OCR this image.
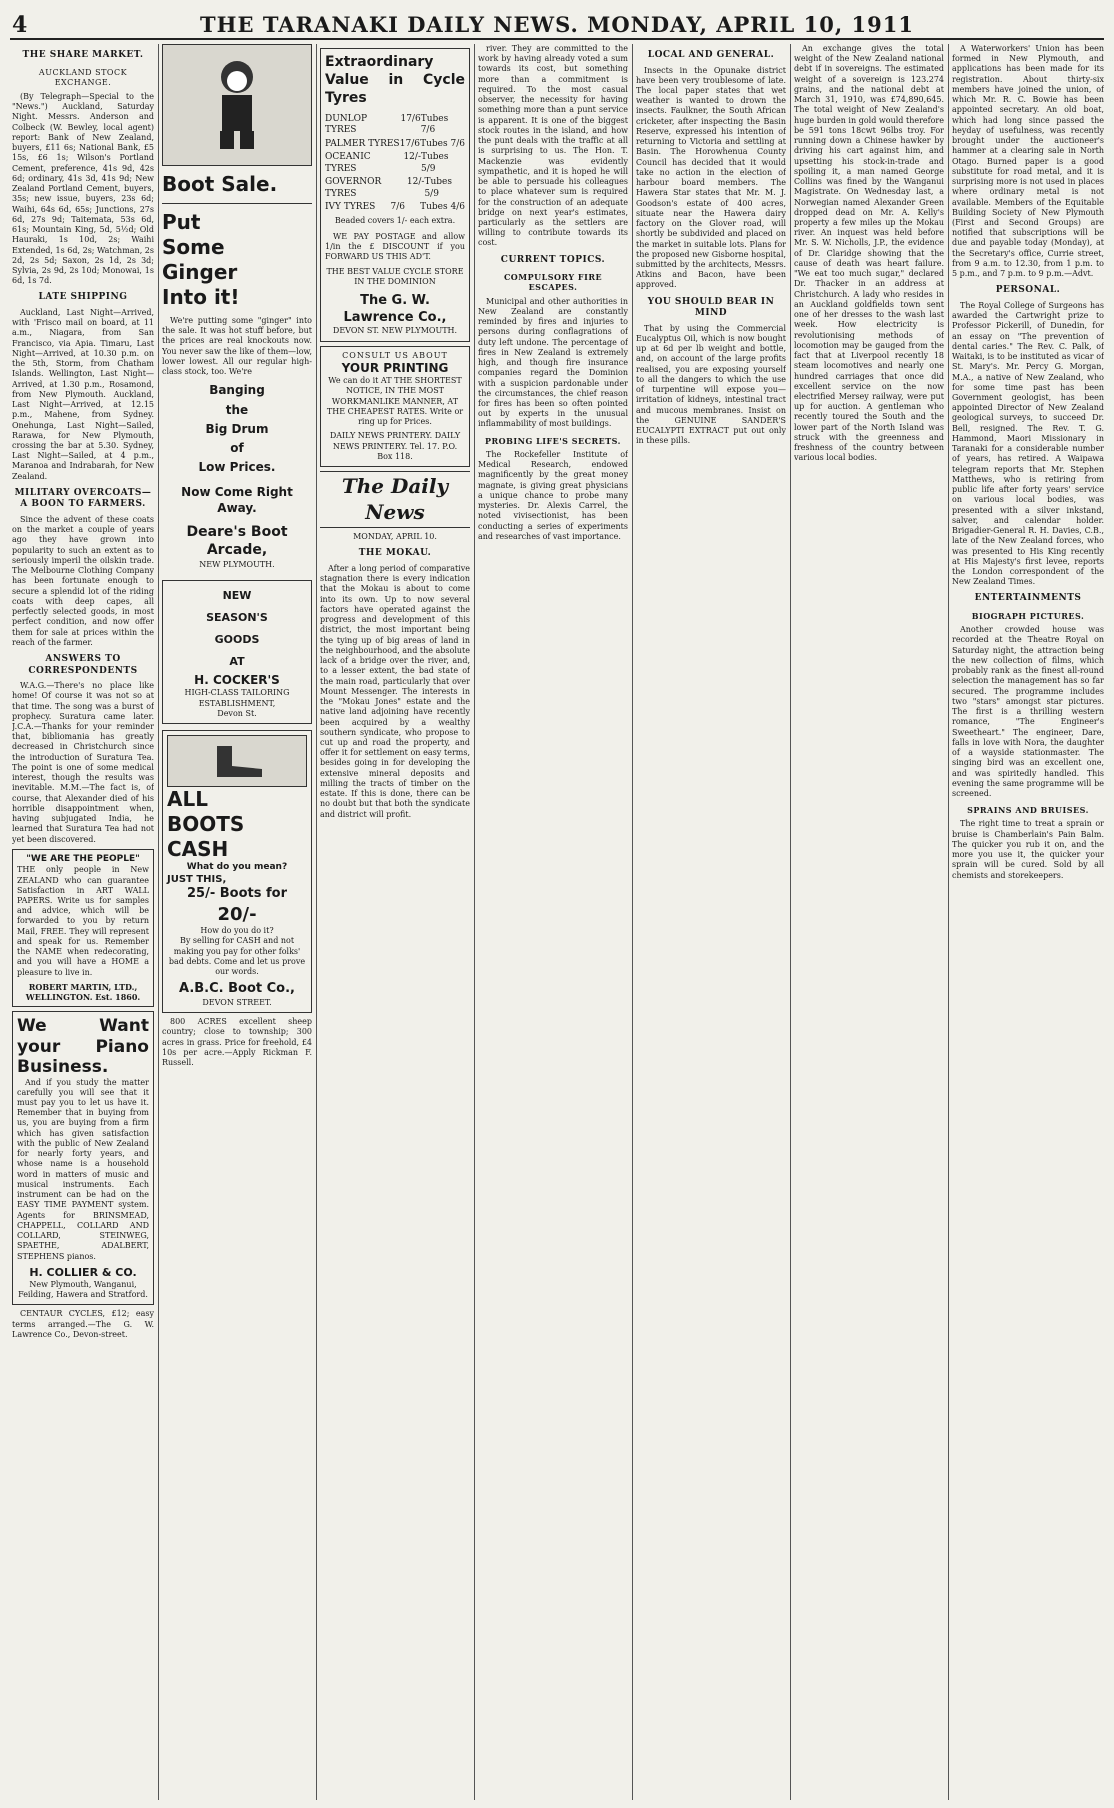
4	THE TARANAKI DAILY NEWS. MONDAY, APRIL 10, 1911
THE SHARE MARKET.
AUCKLAND STOCK EXCHANGE.

(By Telegraph—Special to the "News.") Auckland, Saturday Night. Messrs. Anderson and Colbeck (W. Bewley, local agent) report: Bank of New Zealand, buyers, £11 6s; National Bank, £5 15s, £6 1s; Wilson's Portland Cement, preference, 41s 9d, 42s 6d; ordinary, 41s 3d, 41s 9d; New Zealand Portland Cement, buyers, 35s; new issue, buyers, 23s 6d; Waihi, 64s 6d, 65s; Junctions, 27s 6d, 27s 9d; Taitemata, 53s 6d, 61s; Mountain King, 5d, 5½d; Old Hauraki, 1s 10d, 2s; Waihi Extended, 1s 6d, 2s; Watchman, 2s 2d, 2s 5d; Saxon, 2s 1d, 2s 3d; Sylvia, 2s 9d, 2s 10d; Monowai, 1s 6d, 1s 7d.

LATE SHIPPING

Auckland, Last Night—Arrived, with 'Frisco mail on board, at 11 a.m., Niagara, from San Francisco, via Apia. Timaru, Last Night—Arrived, at 10.30 p.m. on the 5th, Storm, from Chatham Islands. Wellington, Last Night—Arrived, at 1.30 p.m., Rosamond, from New Plymouth. Auckland, Last Night—Arrived, at 12.15 p.m., Mahene, from Sydney. Onehunga, Last Night—Sailed, Rarawa, for New Plymouth, crossing the bar at 5.30. Sydney, Last Night—Sailed, at 4 p.m., Maranoa and Indrabarah, for New Zealand.

MILITARY OVERCOATS—A BOON TO FARMERS.

Since the advent of these coats on the market a couple of years ago they have grown into popularity to such an extent as to seriously imperil the oilskin trade. The Melbourne Clothing Company has been fortunate enough to secure a splendid lot of the riding coats with deep capes, all perfectly selected goods, in most perfect condition, and now offer them for sale at prices within the reach of the farmer.

ANSWERS TO CORRESPONDENTS

W.A.G.—There's no place like home! Of course it was not so at that time. The song was a burst of prophecy. Suratura came later. J.C.A.—Thanks for your reminder that, bibliomania has greatly decreased in Christchurch since the introduction of Suratura Tea. The point is one of some medical interest, though the results was inevitable. M.M.—The fact is, of course, that Alexander died of his horrible disappointment when, having subjugated India, he learned that Suratura Tea had not yet been discovered.

"WE ARE THE PEOPLE"

THE only people in New ZEALAND who can guarantee Satisfaction in ART WALL PAPERS. Write us for samples and advice, which will be forwarded to you by return Mail, FREE. They will represent and speak for us. Remember the NAME when redecorating, and you will have a HOME a pleasure to live in.

ROBERT MARTIN, LTD., WELLINGTON. Est. 1860.
We Want your Piano Business.

And if you study the matter carefully you will see that it must pay you to let us have it. Remember that in buying from us, you are buying from a firm which has given satisfaction with the public of New Zealand for nearly forty years, and whose name is a household word in matters of music and musical instruments. Each instrument can be had on the EASY TIME PAYMENT system. Agents for BRINSMEAD, CHAPPELL, COLLARD AND COLLARD, STEINWEG, SPAETHE, ADALBERT, STEPHENS pianos.

H. COLLIER & CO.
New Plymouth, Wanganui, Feilding, Hawera and Stratford.

CENTAUR CYCLES, £12; easy terms arranged.—The G. W. Lawrence Co., Devon-street.

Boot Sale.
Put
Some
Ginger
Into it!

We're putting some "ginger" into the sale. It was hot stuff before, but the prices are real knockouts now. You never saw the like of them—low, lower lowest. All our regular high-class stock, too. We're

Banging
the
Big Drum
of
Low Prices.
Now Come Right Away.
Deare's Boot Arcade,
NEW PLYMOUTH.
NEW
SEASON'S
GOODS
AT
H. COCKER'S
HIGH-CLASS TAILORING ESTABLISHMENT,
Devon St.
ALL
BOOTS
CASH
What do you mean?
JUST THIS,
25/- Boots for
20/-
How do you do it?

By selling for CASH and not making you pay for other folks' bad debts. Come and let us prove our words.

A.B.C. Boot Co.,
DEVON STREET.

800 ACRES excellent sheep country; close to township; 300 acres in grass. Price for freehold, £4 10s per acre.—Apply Rickman F. Russell.

Extraordinary Value in Cycle Tyres
DUNLOP TYRES
17/6 Tubes 7/6
PALMER TYRES 17/6 Tubes 7/6
OCEANIC TYRES
12/- Tubes 5/9
GOVERNOR TYRES
12/- Tubes 5/9
IVY TYRES 7/6 Tubes 4/6
Beaded covers 1/- each extra.

WE PAY POSTAGE and allow 1/in the £ DISCOUNT if you FORWARD US THIS AD'T.

THE BEST VALUE CYCLE STORE IN THE DOMINION
The G. W. Lawrence Co.,
DEVON ST. NEW PLYMOUTH.
CONSULT US ABOUT
YOUR PRINTING

We can do it AT THE SHORTEST NOTICE, IN THE MOST WORKMANLIKE MANNER, AT THE CHEAPEST RATES. Write or ring up for Prices.

DAILY NEWS PRINTERY. DAILY NEWS PRINTERY. Tel. 17. P.O. Box 118.
The Daily News
MONDAY, APRIL 10.
THE MOKAU.

After a long period of comparative stagnation there is every indication that the Mokau is about to come into its own. Up to now several factors have operated against the progress and development of this district, the most important being the tying up of big areas of land in the neighbourhood, and the absolute lack of a bridge over the river, and, to a lesser extent, the bad state of the main road, particularly that over Mount Messenger. The interests in the "Mokau Jones" estate and the native land adjoining have recently been acquired by a wealthy southern syndicate, who propose to cut up and road the property, and offer it for settlement on easy terms, besides going in for developing the extensive mineral deposits and milling the tracts of timber on the estate. If this is done, there can be no doubt but that both the syndicate and district will profit.

river. They are committed to the work by having already voted a sum towards its cost, but something more than a commitment is required. To the most casual observer, the necessity for having something more than a punt service is apparent. It is one of the biggest stock routes in the island, and how the punt deals with the traffic at all is surprising to us. The Hon. T. Mackenzie was evidently sympathetic, and it is hoped he will be able to persuade his colleagues to place whatever sum is required for the construction of an adequate bridge on next year's estimates, particularly as the settlers are willing to contribute towards its cost.

CURRENT TOPICS.
COMPULSORY FIRE ESCAPES.

Municipal and other authorities in New Zealand are constantly reminded by fires and injuries to persons during conflagrations of duty left undone. The percentage of fires in New Zealand is extremely high, and though fire insurance companies regard the Dominion with a suspicion pardonable under the circumstances, the chief reason for fires has been so often pointed out by experts in the unusual inflammability of most buildings.

PROBING LIFE'S SECRETS.

The Rockefeller Institute of Medical Research, endowed magnificently by the great money magnate, is giving great physicians a unique chance to probe many mysteries. Dr. Alexis Carrel, the noted vivisectionist, has been conducting a series of experiments and researches of vast importance.

LOCAL AND GENERAL.

Insects in the Opunake district have been very troublesome of late. The local paper states that wet weather is wanted to drown the insects. Faulkner, the South African cricketer, after inspecting the Basin Reserve, expressed his intention of returning to Victoria and settling at Basin. The Horowhenua County Council has decided that it would take no action in the election of harbour board members. The Hawera Star states that Mr. M. J. Goodson's estate of 400 acres, situate near the Hawera dairy factory on the Glover road, will shortly be subdivided and placed on the market in suitable lots. Plans for the proposed new Gisborne hospital, submitted by the architects, Messrs. Atkins and Bacon, have been approved.

YOU SHOULD BEAR IN MIND

That by using the Commercial Eucalyptus Oil, which is now bought up at 6d per lb weight and bottle, and, on account of the large profits realised, you are exposing yourself to all the dangers to which the use of turpentine will expose you—irritation of kidneys, intestinal tract and mucous membranes. Insist on the GENUINE SANDER'S EUCALYPTI EXTRACT put out only in these pills.

An exchange gives the total weight of the New Zealand national debt if in sovereigns. The estimated weight of a sovereign is 123.274 grains, and the national debt at March 31, 1910, was £74,890,645. The total weight of New Zealand's huge burden in gold would therefore be 591 tons 18cwt 96lbs troy. For running down a Chinese hawker by driving his cart against him, and upsetting his stock-in-trade and spoiling it, a man named George Collins was fined by the Wanganui Magistrate. On Wednesday last, a Norwegian named Alexander Green dropped dead on Mr. A. Kelly's property a few miles up the Mokau river. An inquest was held before Mr. S. W. Nicholls, J.P., the evidence of Dr. Claridge showing that the cause of death was heart failure. "We eat too much sugar," declared Dr. Thacker in an address at Christchurch. A lady who resides in an Auckland goldfields town sent one of her dresses to the wash last week. How electricity is revolutionising methods of locomotion may be gauged from the fact that at Liverpool recently 18 steam locomotives and nearly one hundred carriages that once did excellent service on the now electrified Mersey railway, were put up for auction. A gentleman who recently toured the South and the lower part of the North Island was struck with the greenness and freshness of the country between various local bodies.

A Waterworkers' Union has been formed in New Plymouth, and applications has been made for its registration. About thirty-six members have joined the union, of which Mr. R. C. Bowie has been appointed secretary. An old boat, which had long since passed the heyday of usefulness, was recently brought under the auctioneer's hammer at a clearing sale in North Otago. Burned paper is a good substitute for road metal, and it is surprising more is not used in places where ordinary metal is not available. Members of the Equitable Building Society of New Plymouth (First and Second Groups) are notified that subscriptions will be due and payable today (Monday), at the Secretary's office, Currie street, from 9 a.m. to 12.30, from 1 p.m. to 5 p.m., and 7 p.m. to 9 p.m.—Advt.

PERSONAL.

The Royal College of Surgeons has awarded the Cartwright prize to Professor Pickerill, of Dunedin, for an essay on "The prevention of dental caries." The Rev. C. Palk, of Waitaki, is to be instituted as vicar of St. Mary's. Mr. Percy G. Morgan, M.A., a native of New Zealand, who for some time past has been Government geologist, has been appointed Director of New Zealand geological surveys, to succeed Dr. Bell, resigned. The Rev. T. G. Hammond, Maori Missionary in Taranaki for a considerable number of years, has retired. A Waipawa telegram reports that Mr. Stephen Matthews, who is retiring from public life after forty years' service on various local bodies, was presented with a silver inkstand, salver, and calendar holder. Brigadier-General R. H. Davies, C.B., late of the New Zealand forces, who was presented to His King recently at His Majesty's first levee, reports the London correspondent of the New Zealand Times.

ENTERTAINMENTS
BIOGRAPH PICTURES.

Another crowded house was recorded at the Theatre Royal on Saturday night, the attraction being the new collection of films, which probably rank as the finest all-round selection the management has so far secured. The programme includes two "stars" amongst star pictures. The first is a thrilling western romance, "The Engineer's Sweetheart." The engineer, Dare, falls in love with Nora, the daughter of a wayside stationmaster. The singing bird was an excellent one, and was spiritedly handled. This evening the same programme will be screened.

SPRAINS AND BRUISES.

The right time to treat a sprain or bruise is Chamberlain's Pain Balm. The quicker you rub it on, and the more you use it, the quicker your sprain will be cured. Sold by all chemists and storekeepers.
